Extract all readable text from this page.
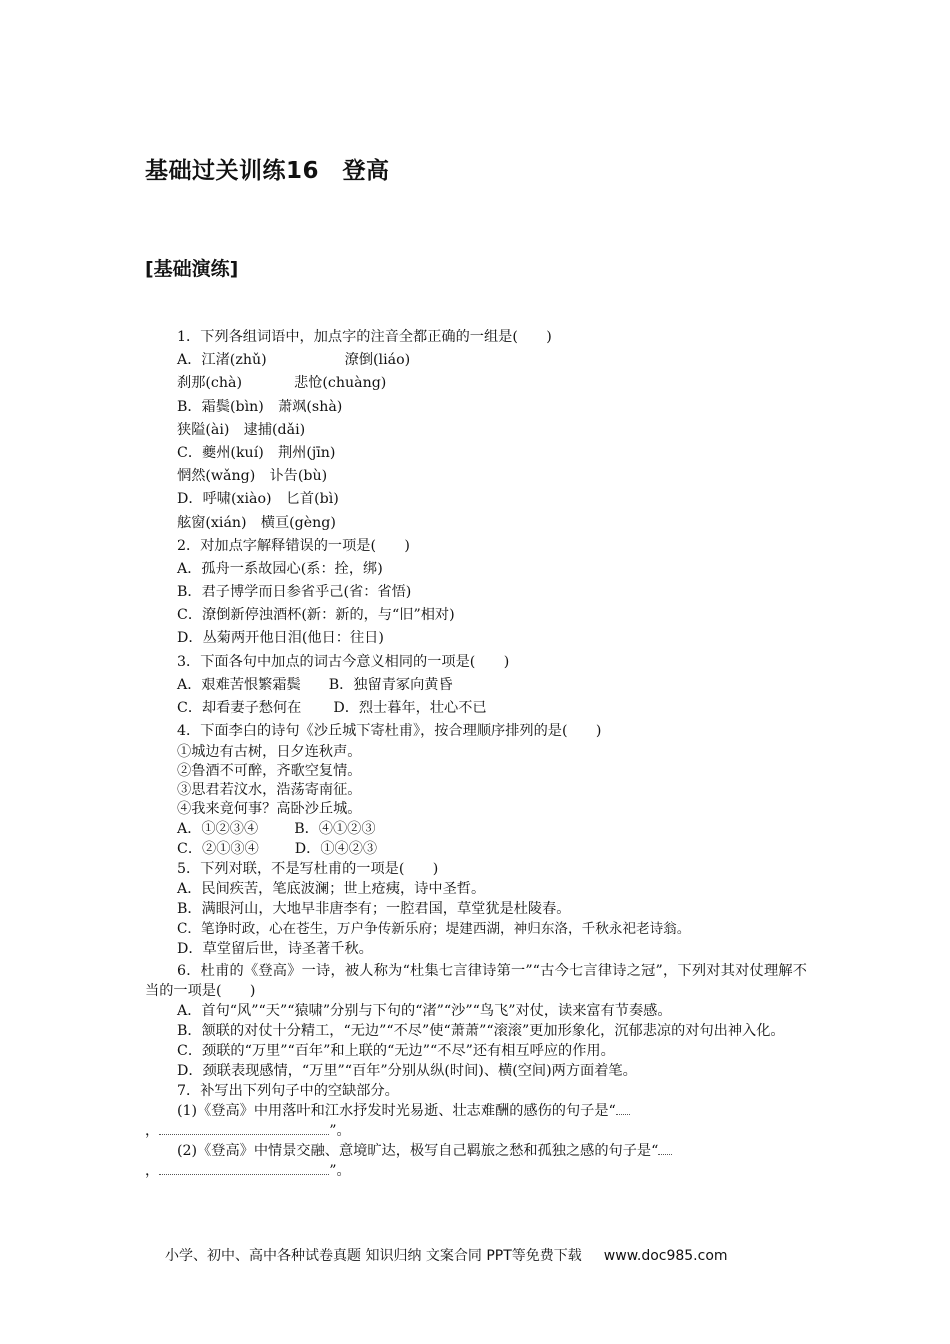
基础过关训练16　登高
[基础演练]
1．下列各组词语中，加点字的注音全都正确的一组是(　　)
A．江渚(zhǔ)	潦倒(liáo)
刹那(chà)	悲怆(chuàng)
B．霜鬓(bìn)　萧飒(shà)
狭隘(ài)　逮捕(dǎi)
C．夔州(kuí)　荆州(jīn)
惘然(wǎng)　讣告(bù)
D．呼啸(xiào)　匕首(bì)
舷窗(xián)　横亘(gèng)
2．对加点字解释错误的一项是(　　)
A．孤舟一系故园心(系：拴，绑)
B．君子博学而日参省乎己(省：省悟)
C．潦倒新停浊酒杯(新：新的，与“旧”相对)
D．丛菊两开他日泪(他日：往日)
3．下面各句中加点的词古今意义相同的一项是(　　)
A．艰难苦恨繁霜鬓 B．独留青冢向黄昏
C．却看妻子愁何在 D．烈士暮年，壮心不已
4．下面李白的诗句《沙丘城下寄杜甫》，按合理顺序排列的是(　　)
①城边有古树，日夕连秋声。
②鲁酒不可醉，齐歌空复情。
③思君若汶水，浩荡寄南征。
④我来竟何事？高卧沙丘城。
A．①②③④	B．④①②③
C．②①③④	D．①④②③
5．下列对联，不是写杜甫的一项是(　　)
A．民间疾苦，笔底波澜；世上疮痍，诗中圣哲。
B．满眼河山，大地早非唐李有；一腔君国，草堂犹是杜陵春。
C．笔诤时政，心在苍生，万户争传新乐府；堤建西湖，神归东洛，千秋永祀老诗翁。
D．草堂留后世，诗圣著千秋。
6．杜甫的《登高》一诗，被人称为“杜集七言律诗第一”“古今七言律诗之冠”，下列对其对仗理解不当的一项是(　　)
A．首句“风”“天”“猿啸”分别与下句的“渚”“沙”“鸟飞”对仗，读来富有节奏感。
B．颔联的对仗十分精工，“无边”“不尽”使“萧萧”“滚滚”更加形象化，沉郁悲凉的对句出神入化。
C．颈联的“万里”“百年”和上联的“无边”“不尽”还有相互呼应的作用。
D．颈联表现感情，“万里”“百年”分别从纵(时间)、横(空间)两方面着笔。
7．补写出下列句子中的空缺部分。
(1)《登高》中用落叶和江水抒发时光易逝、壮志难酬的感伤的句子是“
，	”。
(2)《登高》中情景交融、意境旷达，极写自己羁旅之愁和孤独之感的句子是“
，	”。
小学、初中、高中各种试卷真题 知识归纳 文案合同 PPT等免费下载 www.doc985.com
